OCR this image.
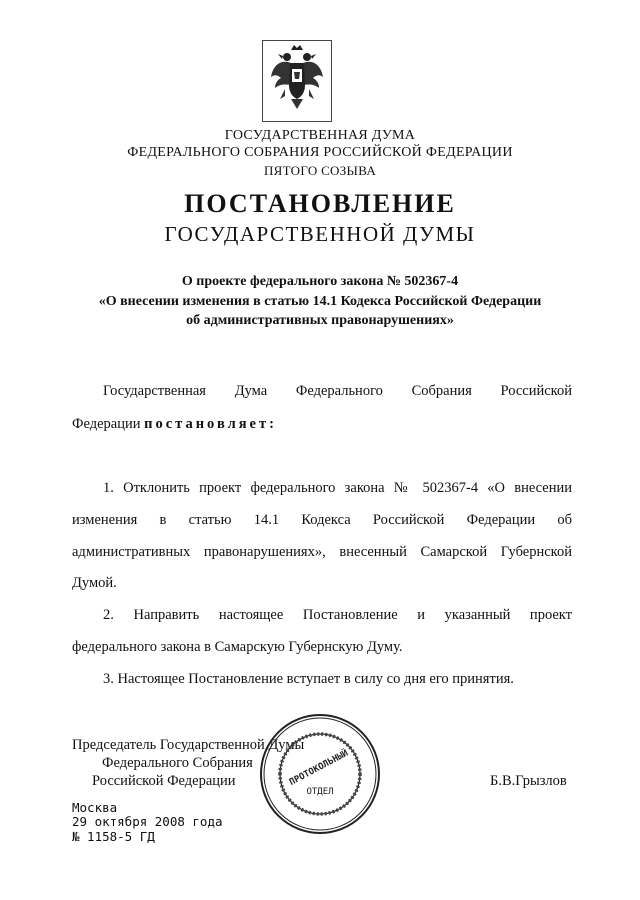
ГОСУДАРСТВЕННАЯ ДУМА
ФЕДЕРАЛЬНОГО СОБРАНИЯ РОССИЙСКОЙ ФЕДЕРАЦИИ
ПЯТОГО СОЗЫВА
ПОСТАНОВЛЕНИЕ
ГОСУДАРСТВЕННОЙ ДУМЫ
О проекте федерального закона № 502367-4
«О внесении изменения в статью 14.1 Кодекса Российской Федерации
об административных правонарушениях»
Государственная Дума Федерального Собрания Российской
Федерации постановляет:
1. Отклонить проект федерального закона № 502367-4 «О внесении
изменения в статью 14.1 Кодекса Российской Федерации об
административных правонарушениях», внесенный Самарской Губернской
Думой.
2. Направить настоящее Постановление и указанный проект
федерального закона в Самарскую Губернскую Думу.
3. Настоящее Постановление вступает в силу со дня его принятия.
Председатель Государственной Думы
Федерального Собрания
Российской Федерации	Б.В.Грызлов
ПРОТОКОЛЬНЫЙ
ОТДЕЛ
Москва
29 октября 2008 года
№ 1158-5 ГД
